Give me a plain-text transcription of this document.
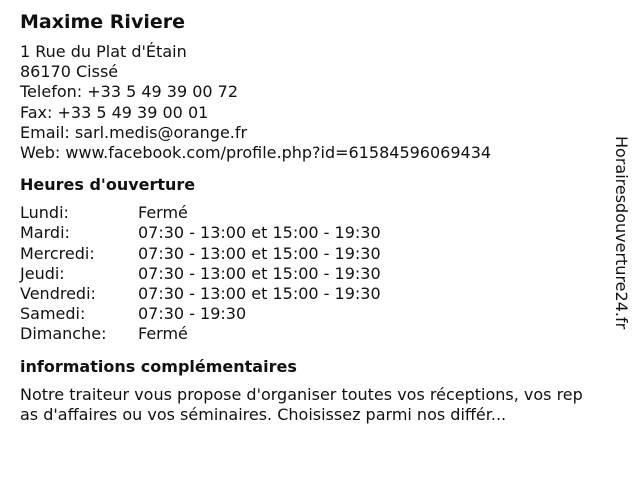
Maxime Riviere
1 Rue du Plat d'Étain
86170 Cissé
Telefon: +33 5 49 39 00 72
Fax: +33 5 49 39 00 01
Email: sarl.medis@orange.fr
Web: www.facebook.com/profile.php?id=61584596069434
Heures d'ouverture
Lundi:	Fermé
Mardi:	07:30 - 13:00 et 15:00 - 19:30
Mercredi:	07:30 - 13:00 et 15:00 - 19:30
Jeudi:	07:30 - 13:00 et 15:00 - 19:30
Vendredi:	07:30 - 13:00 et 15:00 - 19:30
Samedi:	07:30 - 19:30
Dimanche:	Fermé
informations complémentaires

Notre traiteur vous propose d'organiser toutes vos réceptions, vos repas d'affaires ou vos séminaires. Choisissez parmi nos différ...

Horairesdouverture24.fr
